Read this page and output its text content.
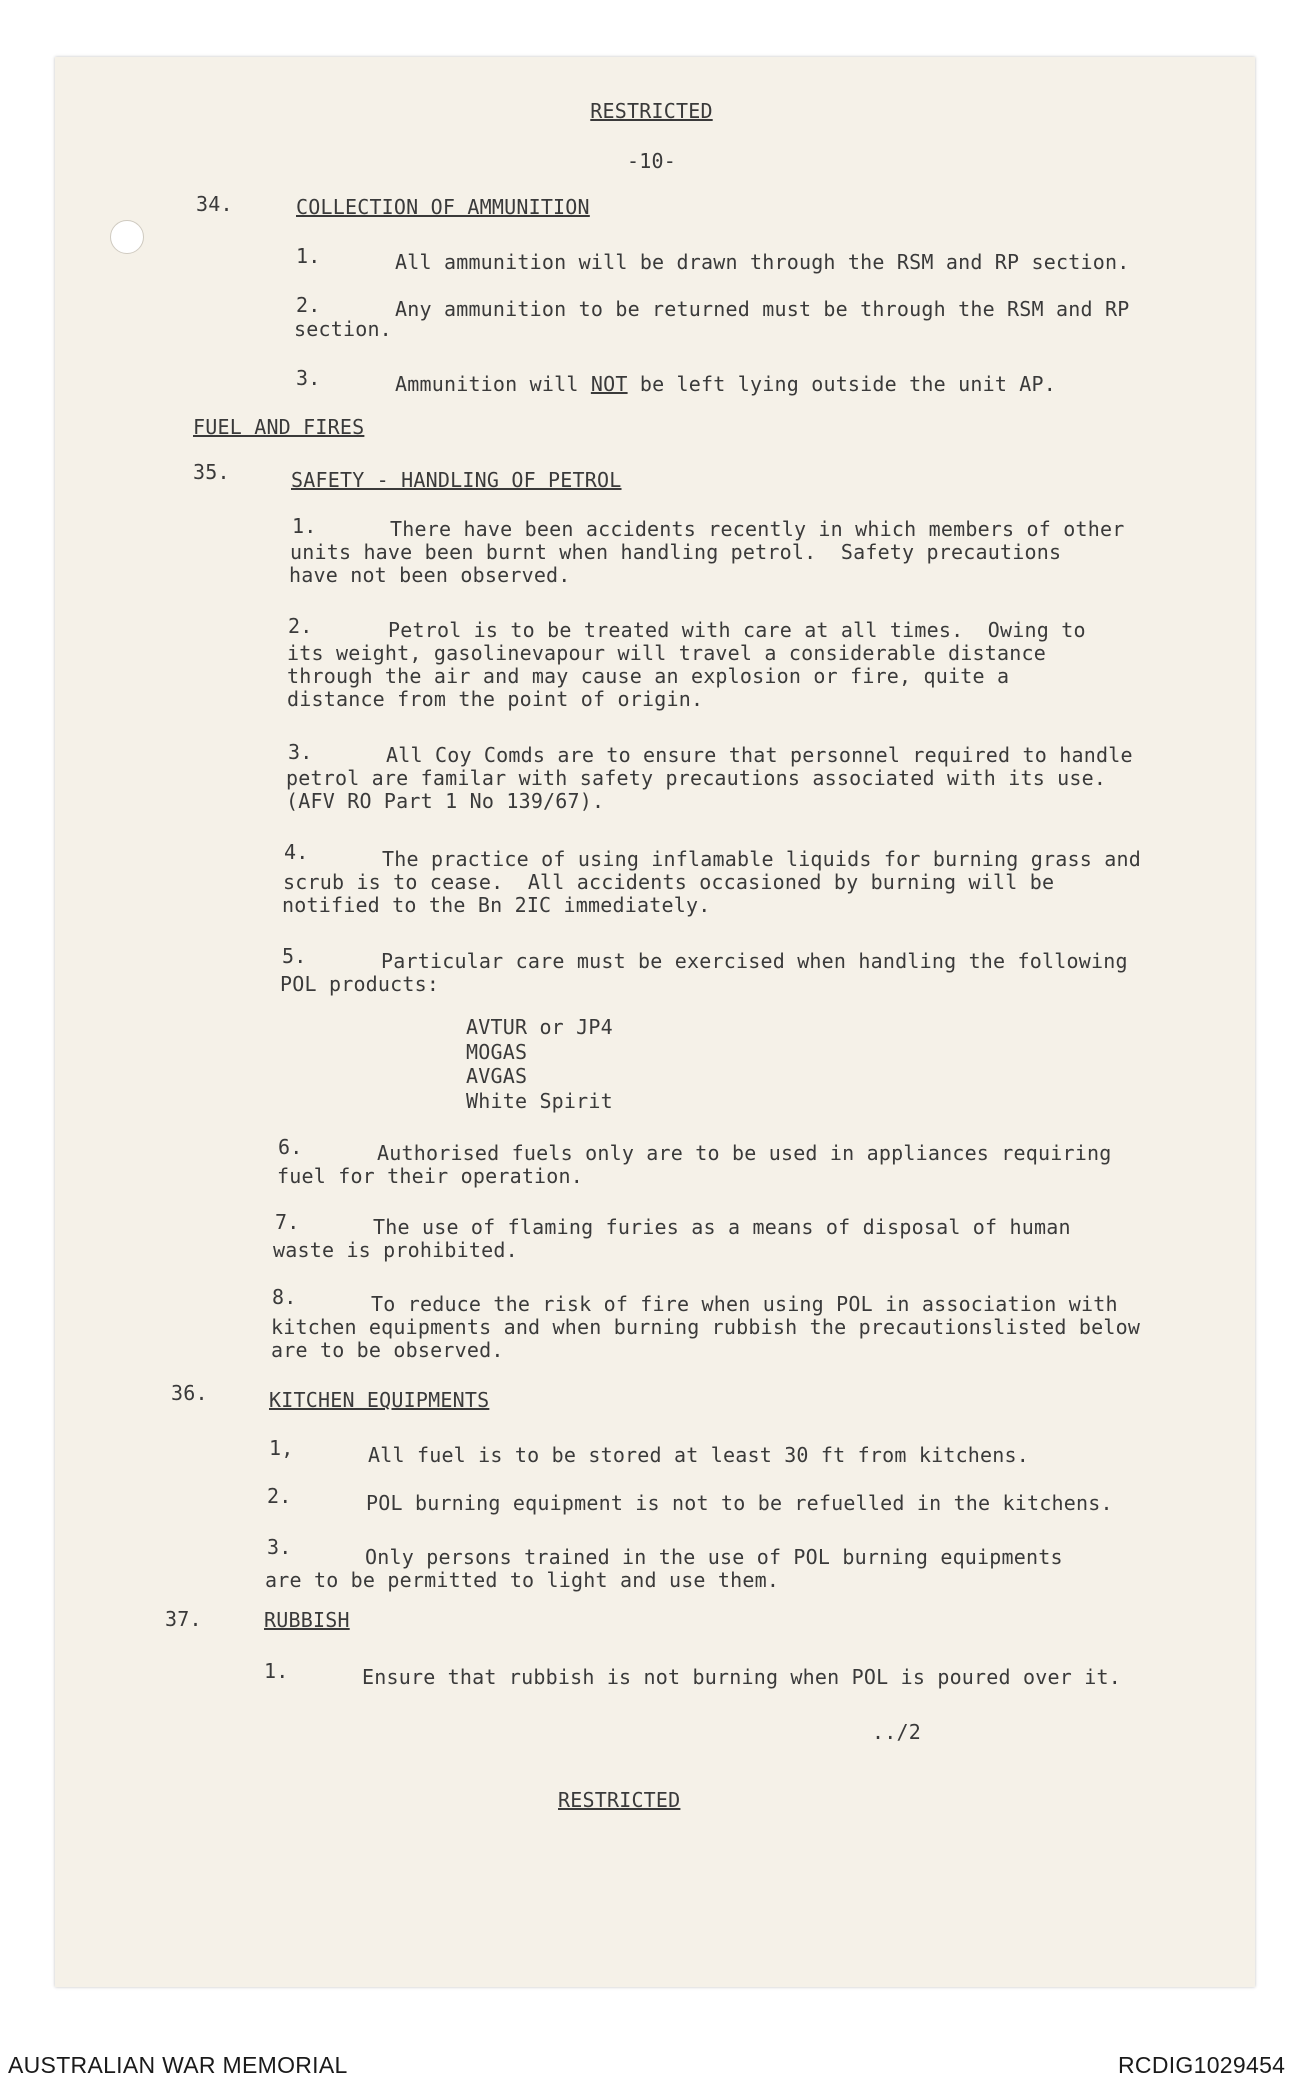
RESTRICTED
-10-
34.	COLLECTION OF AMMUNITION
1.	All ammunition will be drawn through the RSM and RP section.
2.	Any ammunition to be returned must be through the RSM and RP
section.
3.	Ammunition will NOT be left lying outside the unit AP.
FUEL AND FIRES
35.	SAFETY - HANDLING OF PETROL
1.	There have been accidents recently in which members of other
units have been burnt when handling petrol.  Safety precautions
have not been observed.
2.	Petrol is to be treated with care at all times.  Owing to
its weight, gasolinevapour will travel a considerable distance
through the air and may cause an explosion or fire, quite a
distance from the point of origin.
3.	All Coy Comds are to ensure that personnel required to handle
petrol are familar with safety precautions associated with its use.
(AFV RO Part 1 No 139/67).
4.	The practice of using inflamable liquids for burning grass and
scrub is to cease.  All accidents occasioned by burning will be
notified to the Bn 2IC immediately.
5.	Particular care must be exercised when handling the following
POL products:
AVTUR or JP4
MOGAS
AVGAS
White Spirit
6.	Authorised fuels only are to be used in appliances requiring
fuel for their operation.
7.	The use of flaming furies as a means of disposal of human
waste is prohibited.
8.	To reduce the risk of fire when using POL in association with
kitchen equipments and when burning rubbish the precautionslisted below
are to be observed.
36.	KITCHEN EQUIPMENTS
1,	All fuel is to be stored at least 30 ft from kitchens.
2.	POL burning equipment is not to be refuelled in the kitchens.
3.	Only persons trained in the use of POL burning equipments
are to be permitted to light and use them.
37.	RUBBISH
1.	Ensure that rubbish is not burning when POL is poured over it.
../2
RESTRICTED
AUSTRALIAN WAR MEMORIAL	RCDIG1029454
